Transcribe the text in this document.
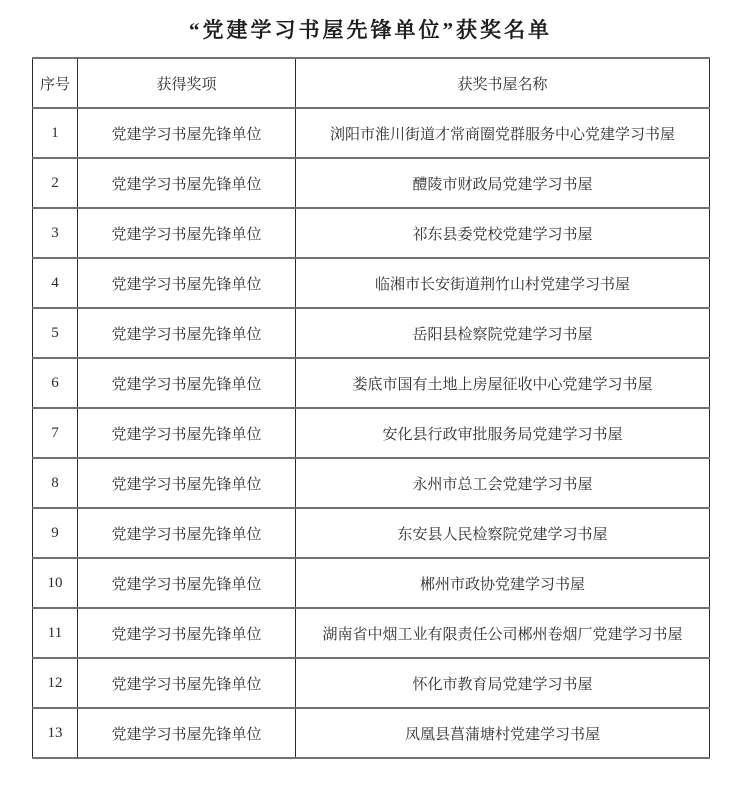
“党建学习书屋先锋单位”获奖名单
序号	获得奖项	获奖书屋名称
1	党建学习书屋先锋单位	浏阳市淮川街道才常商圈党群服务中心党建学习书屋
2	党建学习书屋先锋单位	醴陵市财政局党建学习书屋
3	党建学习书屋先锋单位	祁东县委党校党建学习书屋
4	党建学习书屋先锋单位	临湘市长安街道荆竹山村党建学习书屋
5	党建学习书屋先锋单位	岳阳县检察院党建学习书屋
6	党建学习书屋先锋单位	娄底市国有土地上房屋征收中心党建学习书屋
7	党建学习书屋先锋单位	安化县行政审批服务局党建学习书屋
8	党建学习书屋先锋单位	永州市总工会党建学习书屋
9	党建学习书屋先锋单位	东安县人民检察院党建学习书屋
10	党建学习书屋先锋单位	郴州市政协党建学习书屋
11	党建学习书屋先锋单位	湖南省中烟工业有限责任公司郴州卷烟厂党建学习书屋
12	党建学习书屋先锋单位	怀化市教育局党建学习书屋
13	党建学习书屋先锋单位	凤凰县菖蒲塘村党建学习书屋
